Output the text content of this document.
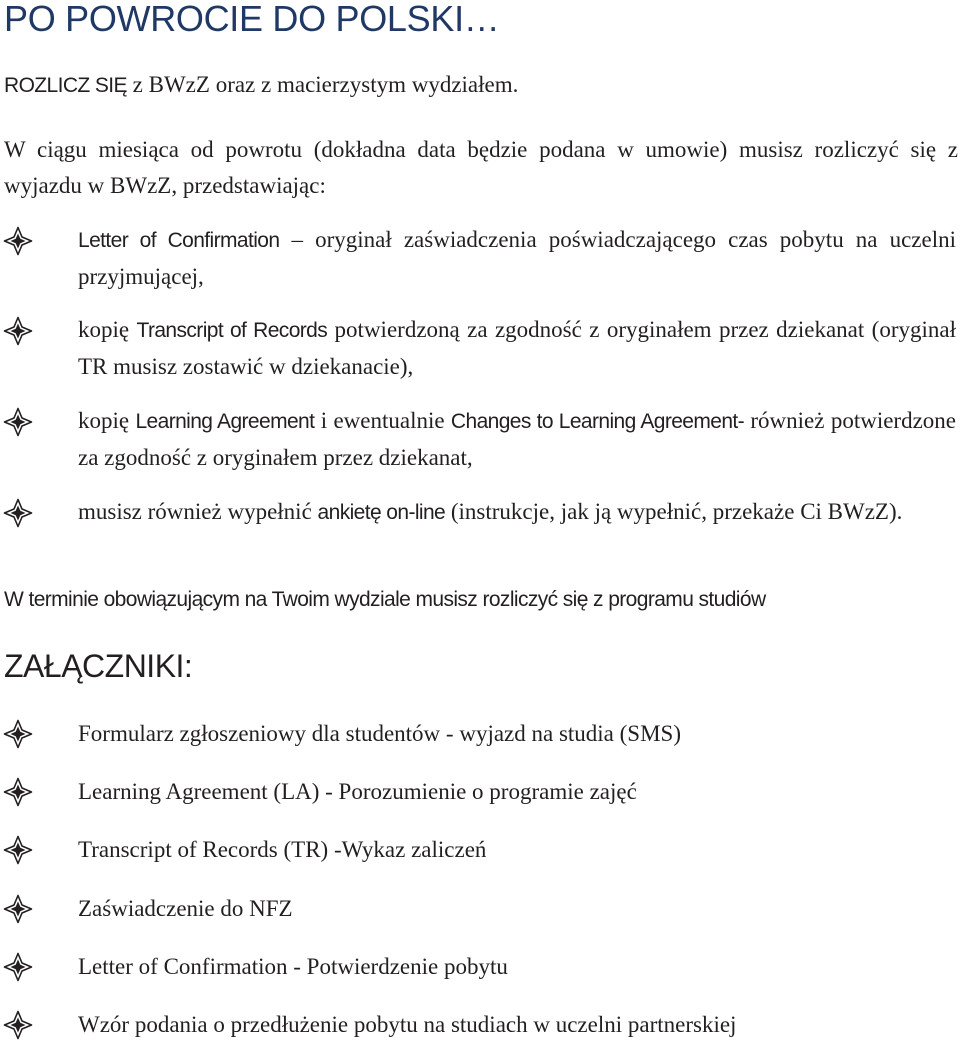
PO POWROCIE DO POLSKI…
ROZLICZ SIĘ z BWzZ oraz z macierzystym wydziałem.
W ciągu miesiąca od powrotu (dokładna data będzie podana w umowie) musisz rozliczyć się z wyjazdu w BWzZ, przedstawiając:
Letter of Confirmation – oryginał zaświadczenia poświadczającego czas pobytu na uczelni przyjmującej,
kopię Transcript of Records potwierdzoną za zgodność z oryginałem przez dziekanat (oryginał TR musisz zostawić w dziekanacie),
kopię Learning Agreement i ewentualnie Changes to Learning Agreement- również potwierdzone za zgodność z oryginałem przez dziekanat,
musisz również wypełnić ankietę on-line (instrukcje, jak ją wypełnić, przekaże Ci BWzZ).
W terminie obowiązującym na Twoim wydziale musisz rozliczyć się z programu studiów
ZAŁĄCZNIKI:
Formularz zgłoszeniowy dla studentów - wyjazd na studia (SMS)
Learning Agreement (LA) - Porozumienie o programie zajęć
Transcript of Records (TR) -Wykaz zaliczeń
Zaświadczenie do NFZ
Letter of Confirmation - Potwierdzenie pobytu
Wzór podania o przedłużenie pobytu na studiach w uczelni partnerskiej
